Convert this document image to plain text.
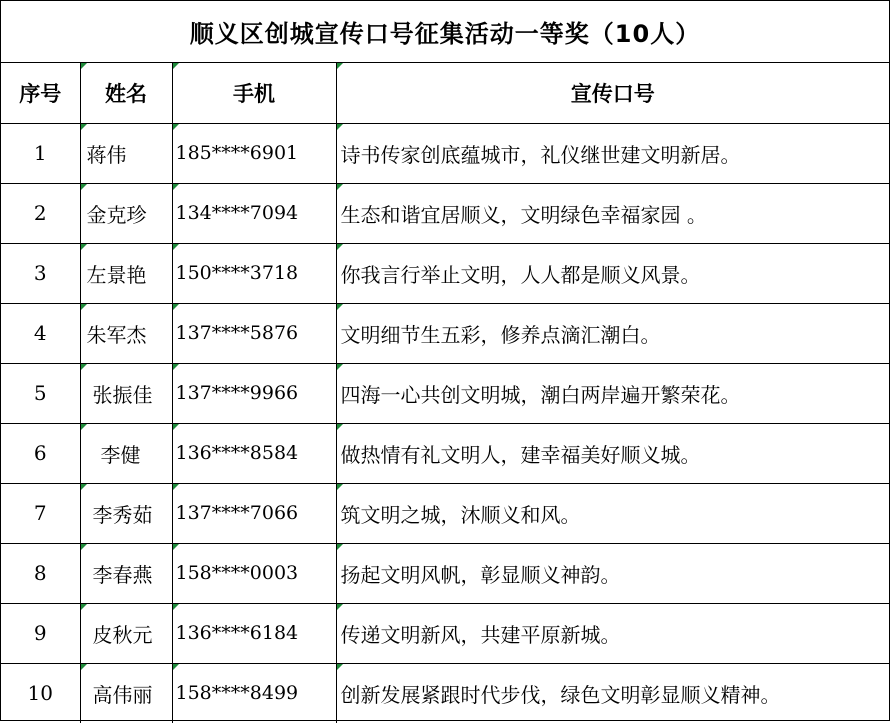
顺义区创城宣传口号征集活动一等奖（10人）
序号	姓名	手机	宣传口号
1	蒋伟	185****6901	诗书传家创底蕴城市，礼仪继世建文明新居。
2	金克珍	134****7094	生态和谐宜居顺义，文明绿色幸福家园 。
3	左景艳	150****3718	你我言行举止文明，人人都是顺义风景。
4	朱军杰	137****5876	文明细节生五彩，修养点滴汇潮白。
5	张振佳	137****9966	四海一心共创文明城，潮白两岸遍开繁荣花。
6	李健	136****8584	做热情有礼文明人，建幸福美好顺义城。
7	李秀茹	137****7066	筑文明之城，沐顺义和风。
8	李春燕	158****0003	扬起文明风帆，彰显顺义神韵。
9	皮秋元	136****6184	传递文明新风，共建平原新城。
10	高伟丽	158****8499	创新发展紧跟时代步伐，绿色文明彰显顺义精神。
